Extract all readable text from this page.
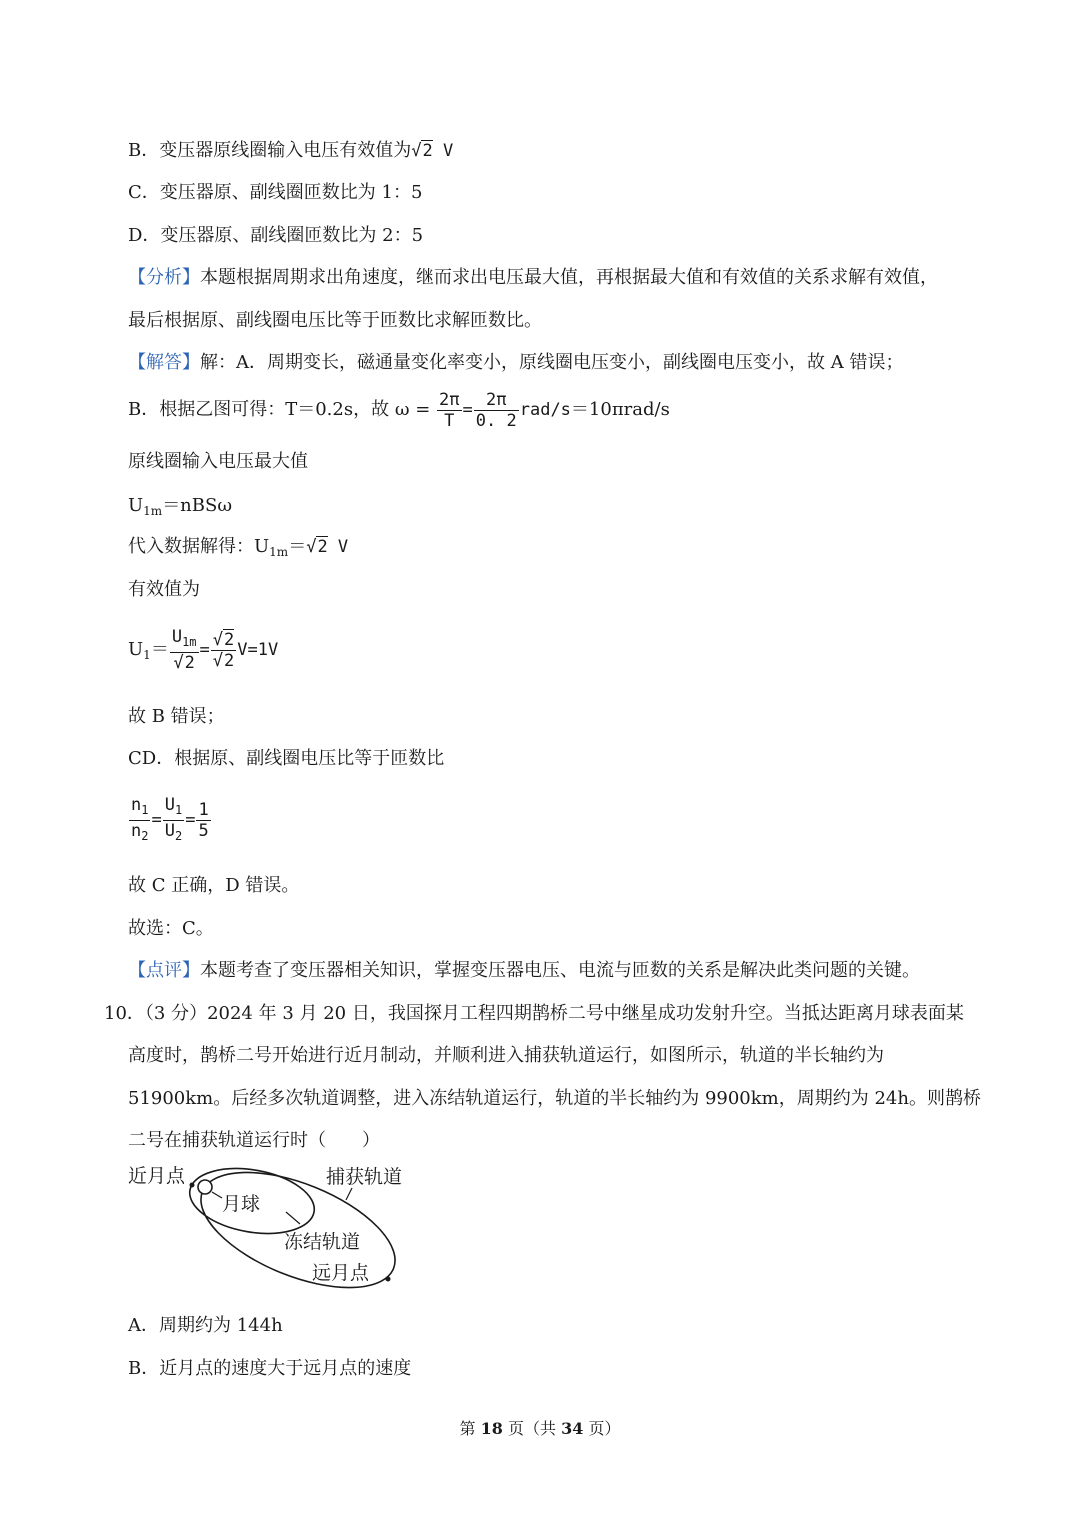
B．变压器原线圈输入电压有效值为√2 V
C．变压器原、副线圈匝数比为 1：5
D．变压器原、副线圈匝数比为 2：5
【分析】本题根据周期求出角速度，继而求出电压最大值，再根据最大值和有效值的关系求解有效值，
最后根据原、副线圈电压比等于匝数比求解匝数比。
【解答】解：A．周期变长，磁通量变化率变小，原线圈电压变小，副线圈电压变小，故 A 错误；
B．根据乙图可得：T＝0.2s，故 $\omega = \frac{2\pi}{T} = \frac{2\pi}{0. 2} rad/s=10\pi rad/s$
原线圈输入电压最大值
$U_{1m}=nBS\omega$
代入数据解得：$U_{1m}=√2$ V
有效值为
$U_1= \frac{U_{1m}}{√2} = \frac{√2}{√2} V=1V$
故 B 错误；
CD．根据原、副线圈电压比等于匝数比
$\frac{n_1}{n_2} = \frac{U_1}{U_2} = \frac{1}{5}$
故 C 正确，D 错误。
故选：C。
【点评】本题考查了变压器相关知识，掌握变压器电压、电流与匝数的关系是解决此类问题的关键。
10．（3 分）2024 年 3 月 20 日，我国探月工程四期鹊桥二号中继星成功发射升空。当抵达距离月球表面某
高度时，鹊桥二号开始进行近月制动，并顺利进入捕获轨道运行，如图所示，轨道的半长轴约为
51900km。后经多次轨道调整，进入冻结轨道运行，轨道的半长轴约为 9900km，周期约为 24h。则鹊桥
二号在捕获轨道运行时（　　）
近月点	捕获轨道
月球
冻结轨道
远月点
A．周期约为 144h
B．近月点的速度大于远月点的速度
第 18 页（共 34 页）
